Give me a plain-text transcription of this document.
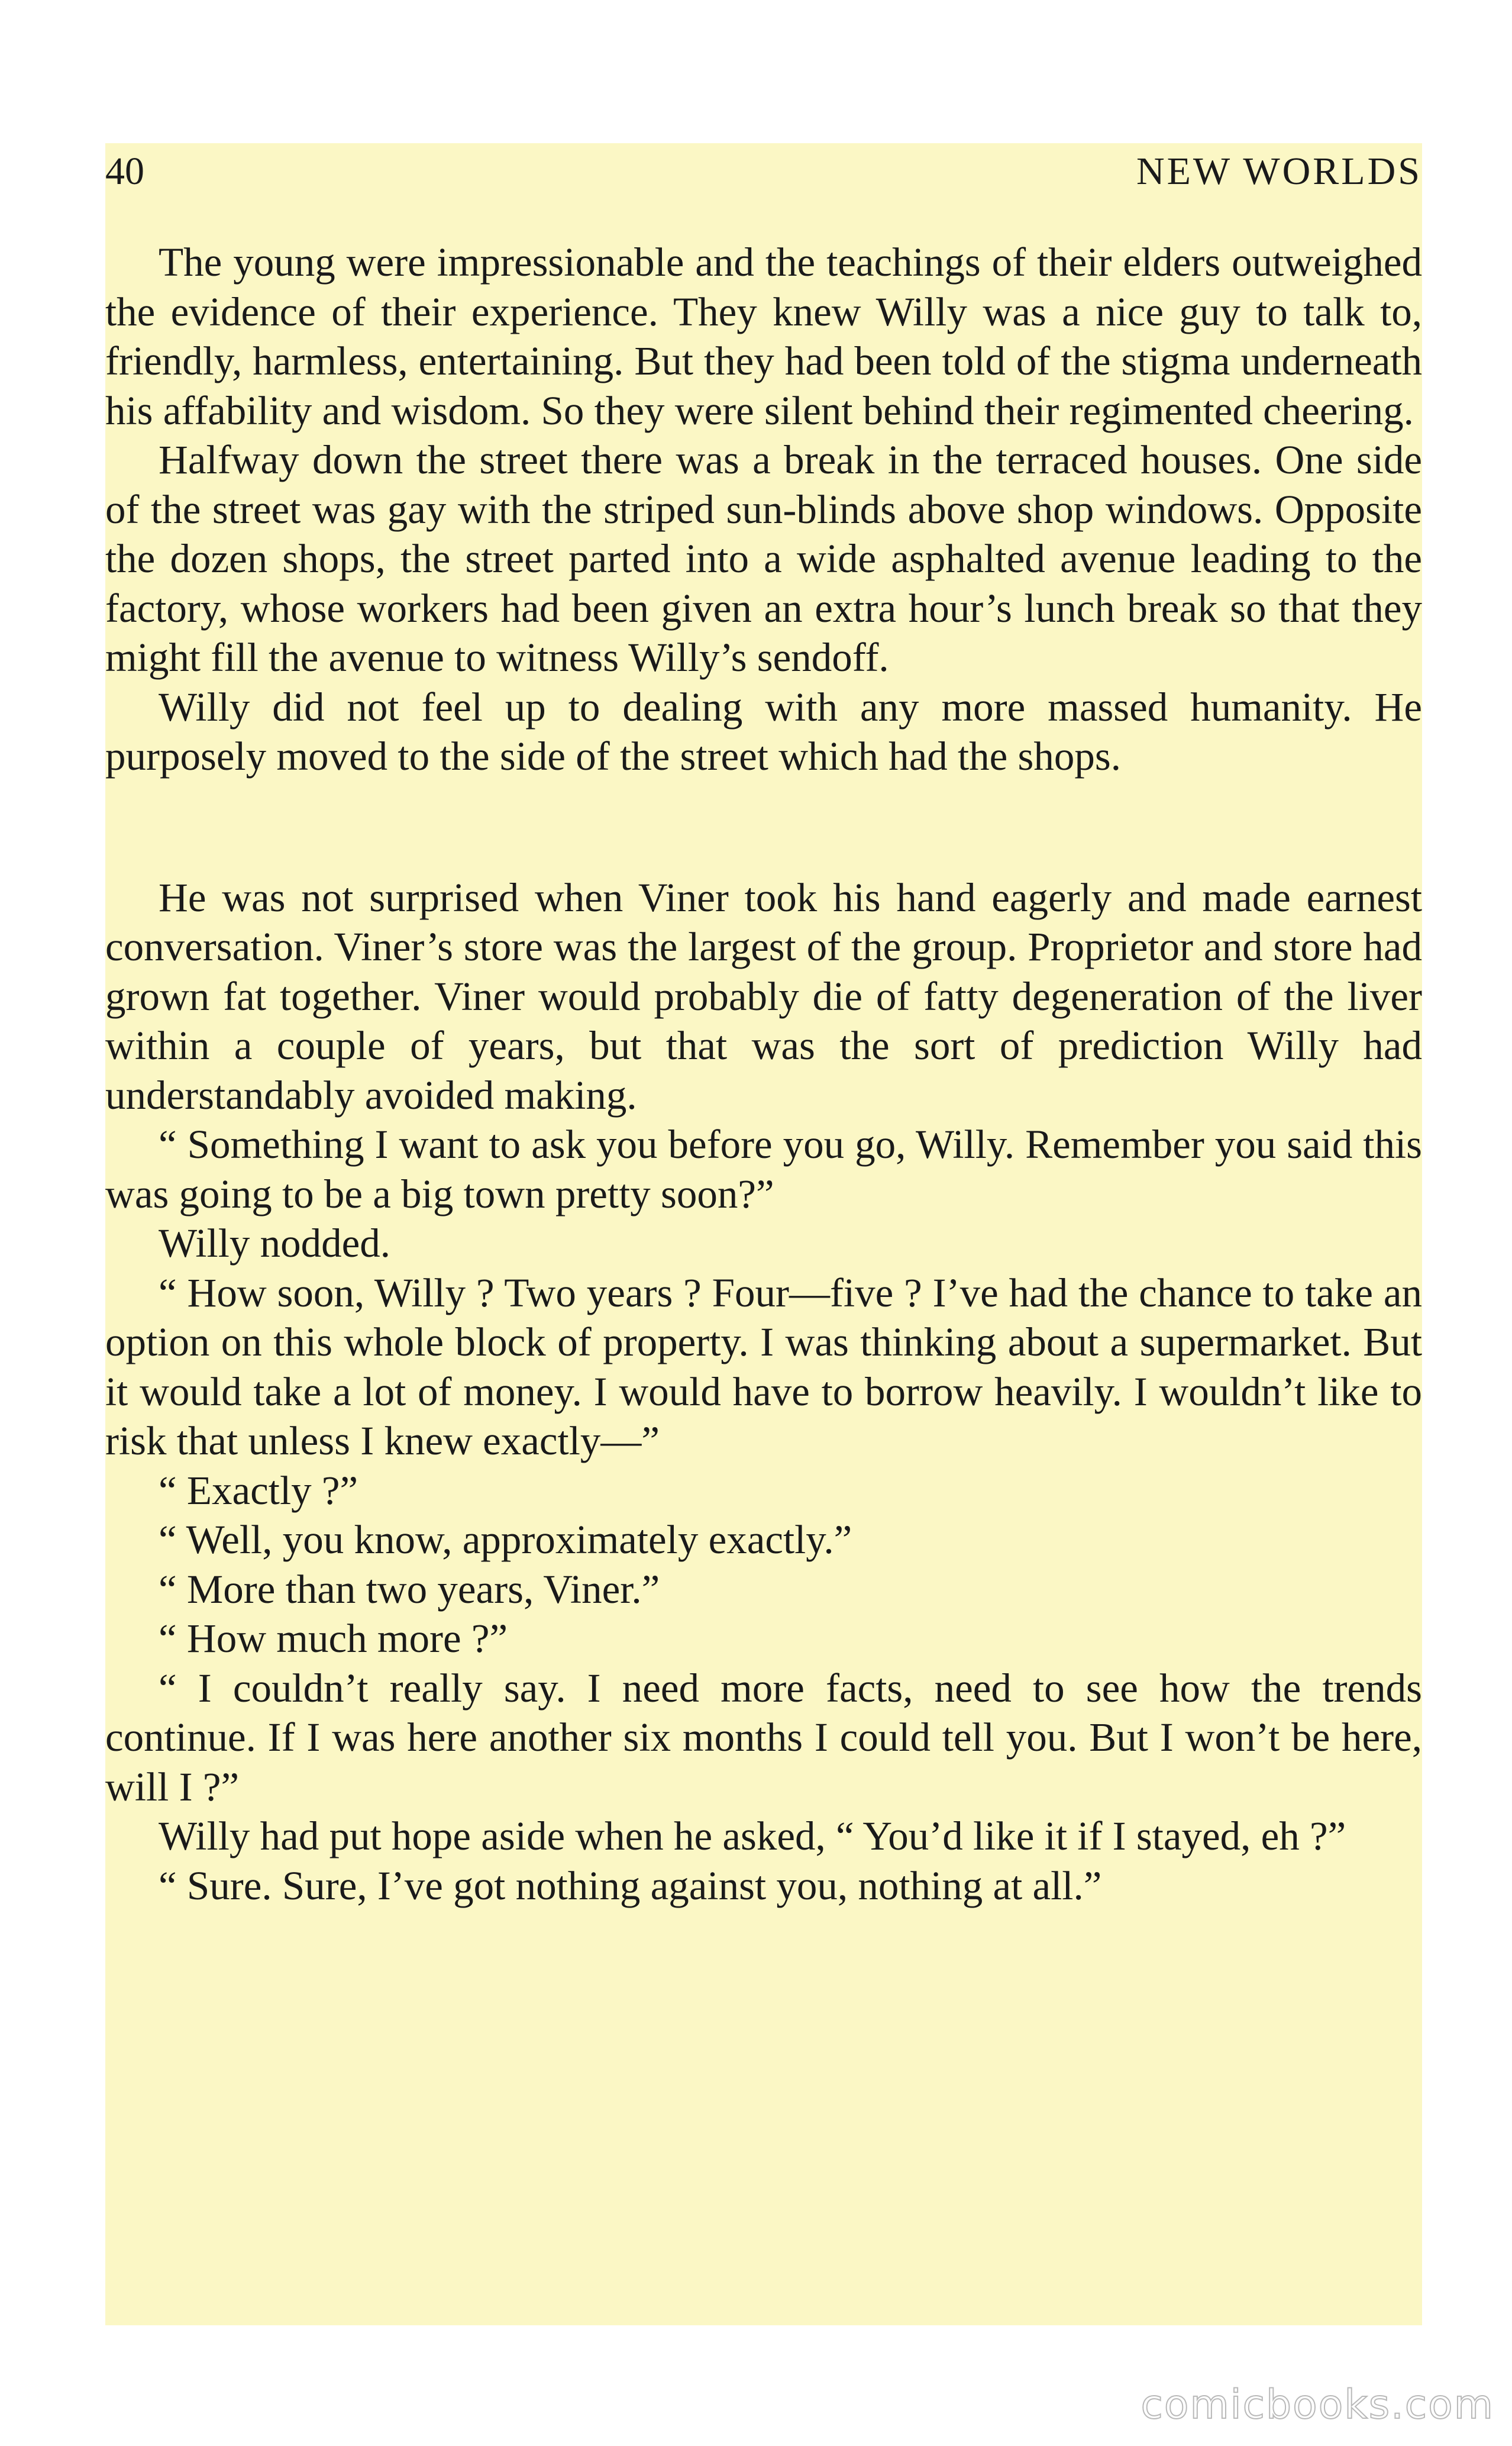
40	NEW WORLDS

The young were impressionable and the teachings of their elders outweighed the evidence of their experience. They knew Willy was a nice guy to talk to, friendly, harmless, entertaining. But they had been told of the stigma underneath his affability and wisdom. So they were silent behind their regimented cheering.

Halfway down the street there was a break in the terraced houses. One side of the street was gay with the striped sun-blinds above shop windows. Opposite the dozen shops, the street parted into a wide asphalted avenue leading to the factory, whose workers had been given an extra hour’s lunch break so that they might fill the avenue to witness Willy’s sendoff.

Willy did not feel up to dealing with any more massed humanity. He purposely moved to the side of the street which had the shops.

He was not surprised when Viner took his hand eagerly and made earnest conversation. Viner’s store was the largest of the group. Proprietor and store had grown fat together. Viner would probably die of fatty degeneration of the liver within a couple of years, but that was the sort of prediction Willy had understandably avoided making.

“ Something I want to ask you before you go, Willy. Remember you said this was going to be a big town pretty soon?”

Willy nodded.

“ How soon, Willy ? Two years ? Four—five ? I’ve had the chance to take an option on this whole block of property. I was thinking about a supermarket. But it would take a lot of money. I would have to borrow heavily. I wouldn’t like to risk that unless I knew exactly—”

“ Exactly ?”

“ Well, you know, approximately exactly.”

“ More than two years, Viner.”

“ How much more ?”

“ I couldn’t really say. I need more facts, need to see how the trends continue. If I was here another six months I could tell you. But I won’t be here, will I ?”

Willy had put hope aside when he asked, “ You’d like it if I stayed, eh ?”

“ Sure. Sure, I’ve got nothing against you, nothing at all.”

comicbooks.com
